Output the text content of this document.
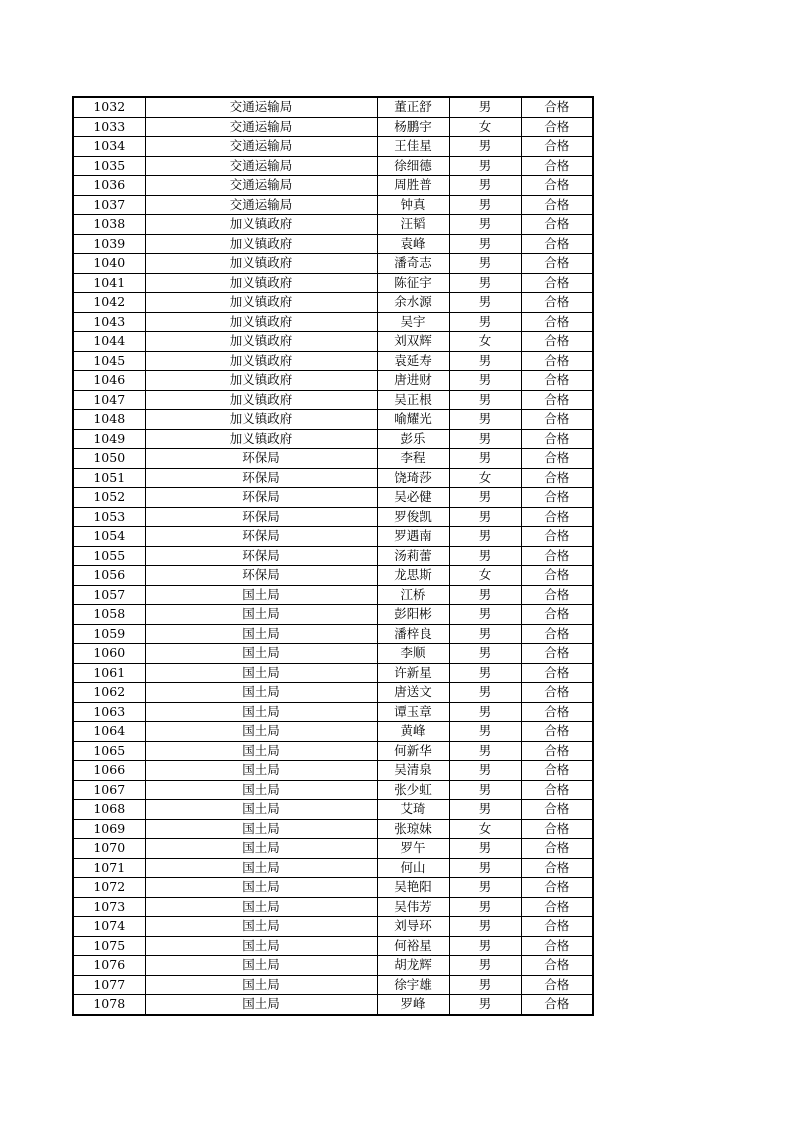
1032	交通运输局	董正舒	男	合格
1033	交通运输局	杨鹏宇	女	合格
1034	交通运输局	王佳星	男	合格
1035	交通运输局	徐细德	男	合格
1036	交通运输局	周胜普	男	合格
1037	交通运输局	钟真	男	合格
1038	加义镇政府	汪韬	男	合格
1039	加义镇政府	袁峰	男	合格
1040	加义镇政府	潘奇志	男	合格
1041	加义镇政府	陈征宇	男	合格
1042	加义镇政府	余水源	男	合格
1043	加义镇政府	吴宇	男	合格
1044	加义镇政府	刘双辉	女	合格
1045	加义镇政府	袁延寿	男	合格
1046	加义镇政府	唐进财	男	合格
1047	加义镇政府	吴正根	男	合格
1048	加义镇政府	喻耀光	男	合格
1049	加义镇政府	彭乐	男	合格
1050	环保局	李程	男	合格
1051	环保局	饶琦莎	女	合格
1052	环保局	吴必健	男	合格
1053	环保局	罗俊凯	男	合格
1054	环保局	罗遇南	男	合格
1055	环保局	汤莉蕾	男	合格
1056	环保局	龙思斯	女	合格
1057	国土局	江桥	男	合格
1058	国土局	彭阳彬	男	合格
1059	国土局	潘梓良	男	合格
1060	国土局	李顺	男	合格
1061	国土局	许新星	男	合格
1062	国土局	唐送文	男	合格
1063	国土局	谭玉章	男	合格
1064	国土局	黄峰	男	合格
1065	国土局	何新华	男	合格
1066	国土局	吴清泉	男	合格
1067	国土局	张少虹	男	合格
1068	国土局	艾琦	男	合格
1069	国土局	张琼妹	女	合格
1070	国土局	罗午	男	合格
1071	国土局	何山	男	合格
1072	国土局	吴艳阳	男	合格
1073	国土局	吴伟芳	男	合格
1074	国土局	刘导环	男	合格
1075	国土局	何裕星	男	合格
1076	国土局	胡龙辉	男	合格
1077	国土局	徐宇雄	男	合格
1078	国土局	罗峰	男	合格
